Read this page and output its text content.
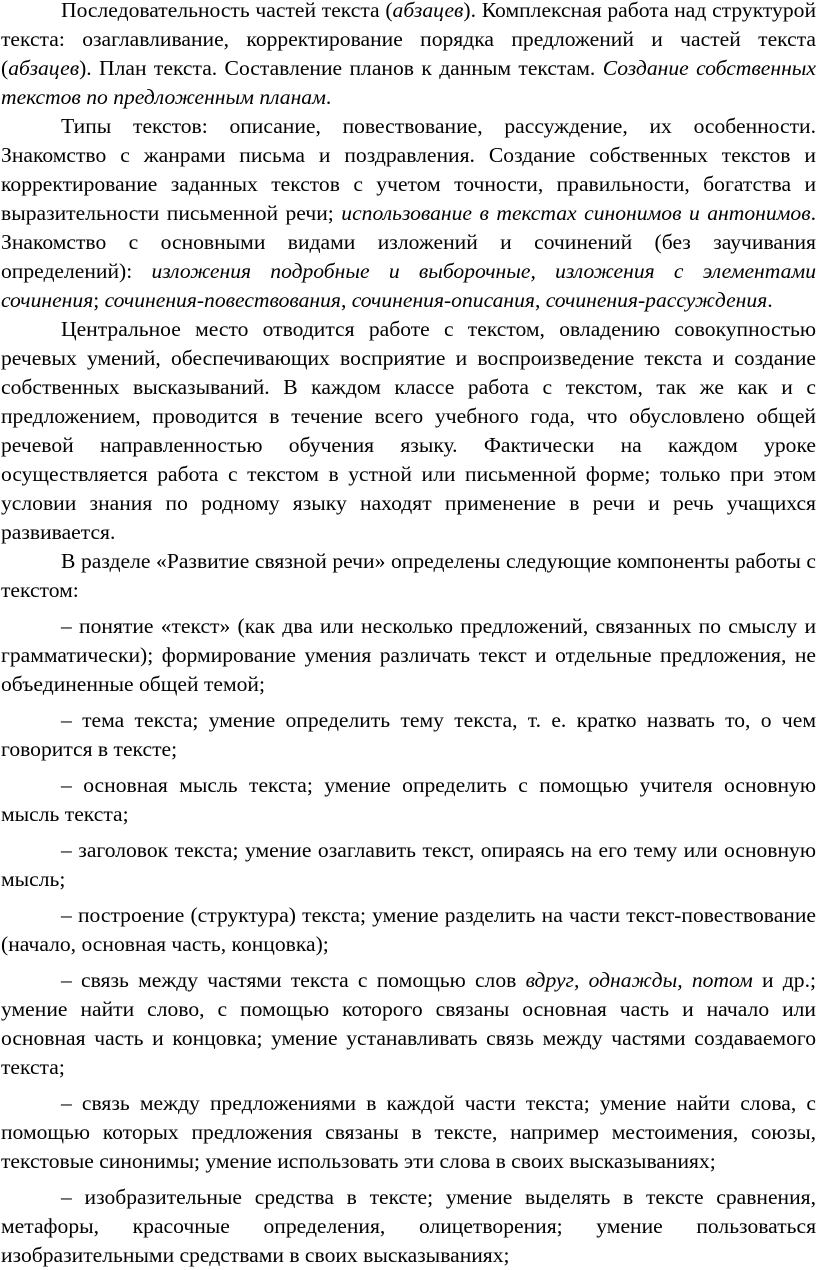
Последовательность частей текста (абзацев). Комплексная работа над структурой текста: озаглавливание, корректирование порядка предложений и частей текста (абзацев). План текста. Составление планов к данным текстам. Создание собственных текстов по предложенным планам.

Типы текстов: описание, повествование, рассуждение, их особенности. Знакомство с жанрами письма и поздравления. Создание собственных текстов и корректирование заданных текстов с учетом точности, правильности, богатства и выразительности письменной речи; использование в текстах синонимов и антонимов. Знакомство с основными видами изложений и сочинений (без заучивания определений): изложения подробные и выборочные, изложения с элементами сочинения; сочинения-повествования, сочинения-описания, сочинения-рассуждения.

Центральное место отводится работе с текстом, овладению совокупностью речевых умений, обеспечивающих восприятие и воспроизведение текста и создание собственных высказываний. В каждом классе работа с текстом, так же как и с предложением, проводится в течение всего учебного года, что обусловлено общей речевой направленностью обучения языку. Фактически на каждом уроке осуществляется работа с текстом в устной или письменной форме; только при этом условии знания по родному языку находят применение в речи и речь учащихся развивается.

В разделе «Развитие связной речи» определены следующие компоненты работы с текстом:

– понятие «текст» (как два или несколько предложений, связанных по смыслу и грамматически); формирование умения различать текст и отдельные предложения, не объединенные общей темой;

– тема текста; умение определить тему текста, т. е. кратко назвать то, о чем говорится в тексте;

– основная мысль текста; умение определить с помощью учителя основную мысль текста;

– заголовок текста; умение озаглавить текст, опираясь на его тему или основную мысль;

– построение (структура) текста; умение разделить на части текст-повествование (начало, основная часть, концовка);

– связь между частями текста с помощью слов вдруг, однажды, потом и др.; умение найти слово, с помощью которого связаны основная часть и начало или основная часть и концовка; умение устанавливать связь между частями создаваемого текста;

– связь между предложениями в каждой части текста; умение найти слова, с помощью которых предложения связаны в тексте, например местоимения, союзы, текстовые синонимы; умение использовать эти слова в своих высказываниях;

– изобразительные средства в тексте; умение выделять в тексте сравнения, метафоры, красочные определения, олицетворения; умение пользоваться изобразительными средствами в своих высказываниях;
